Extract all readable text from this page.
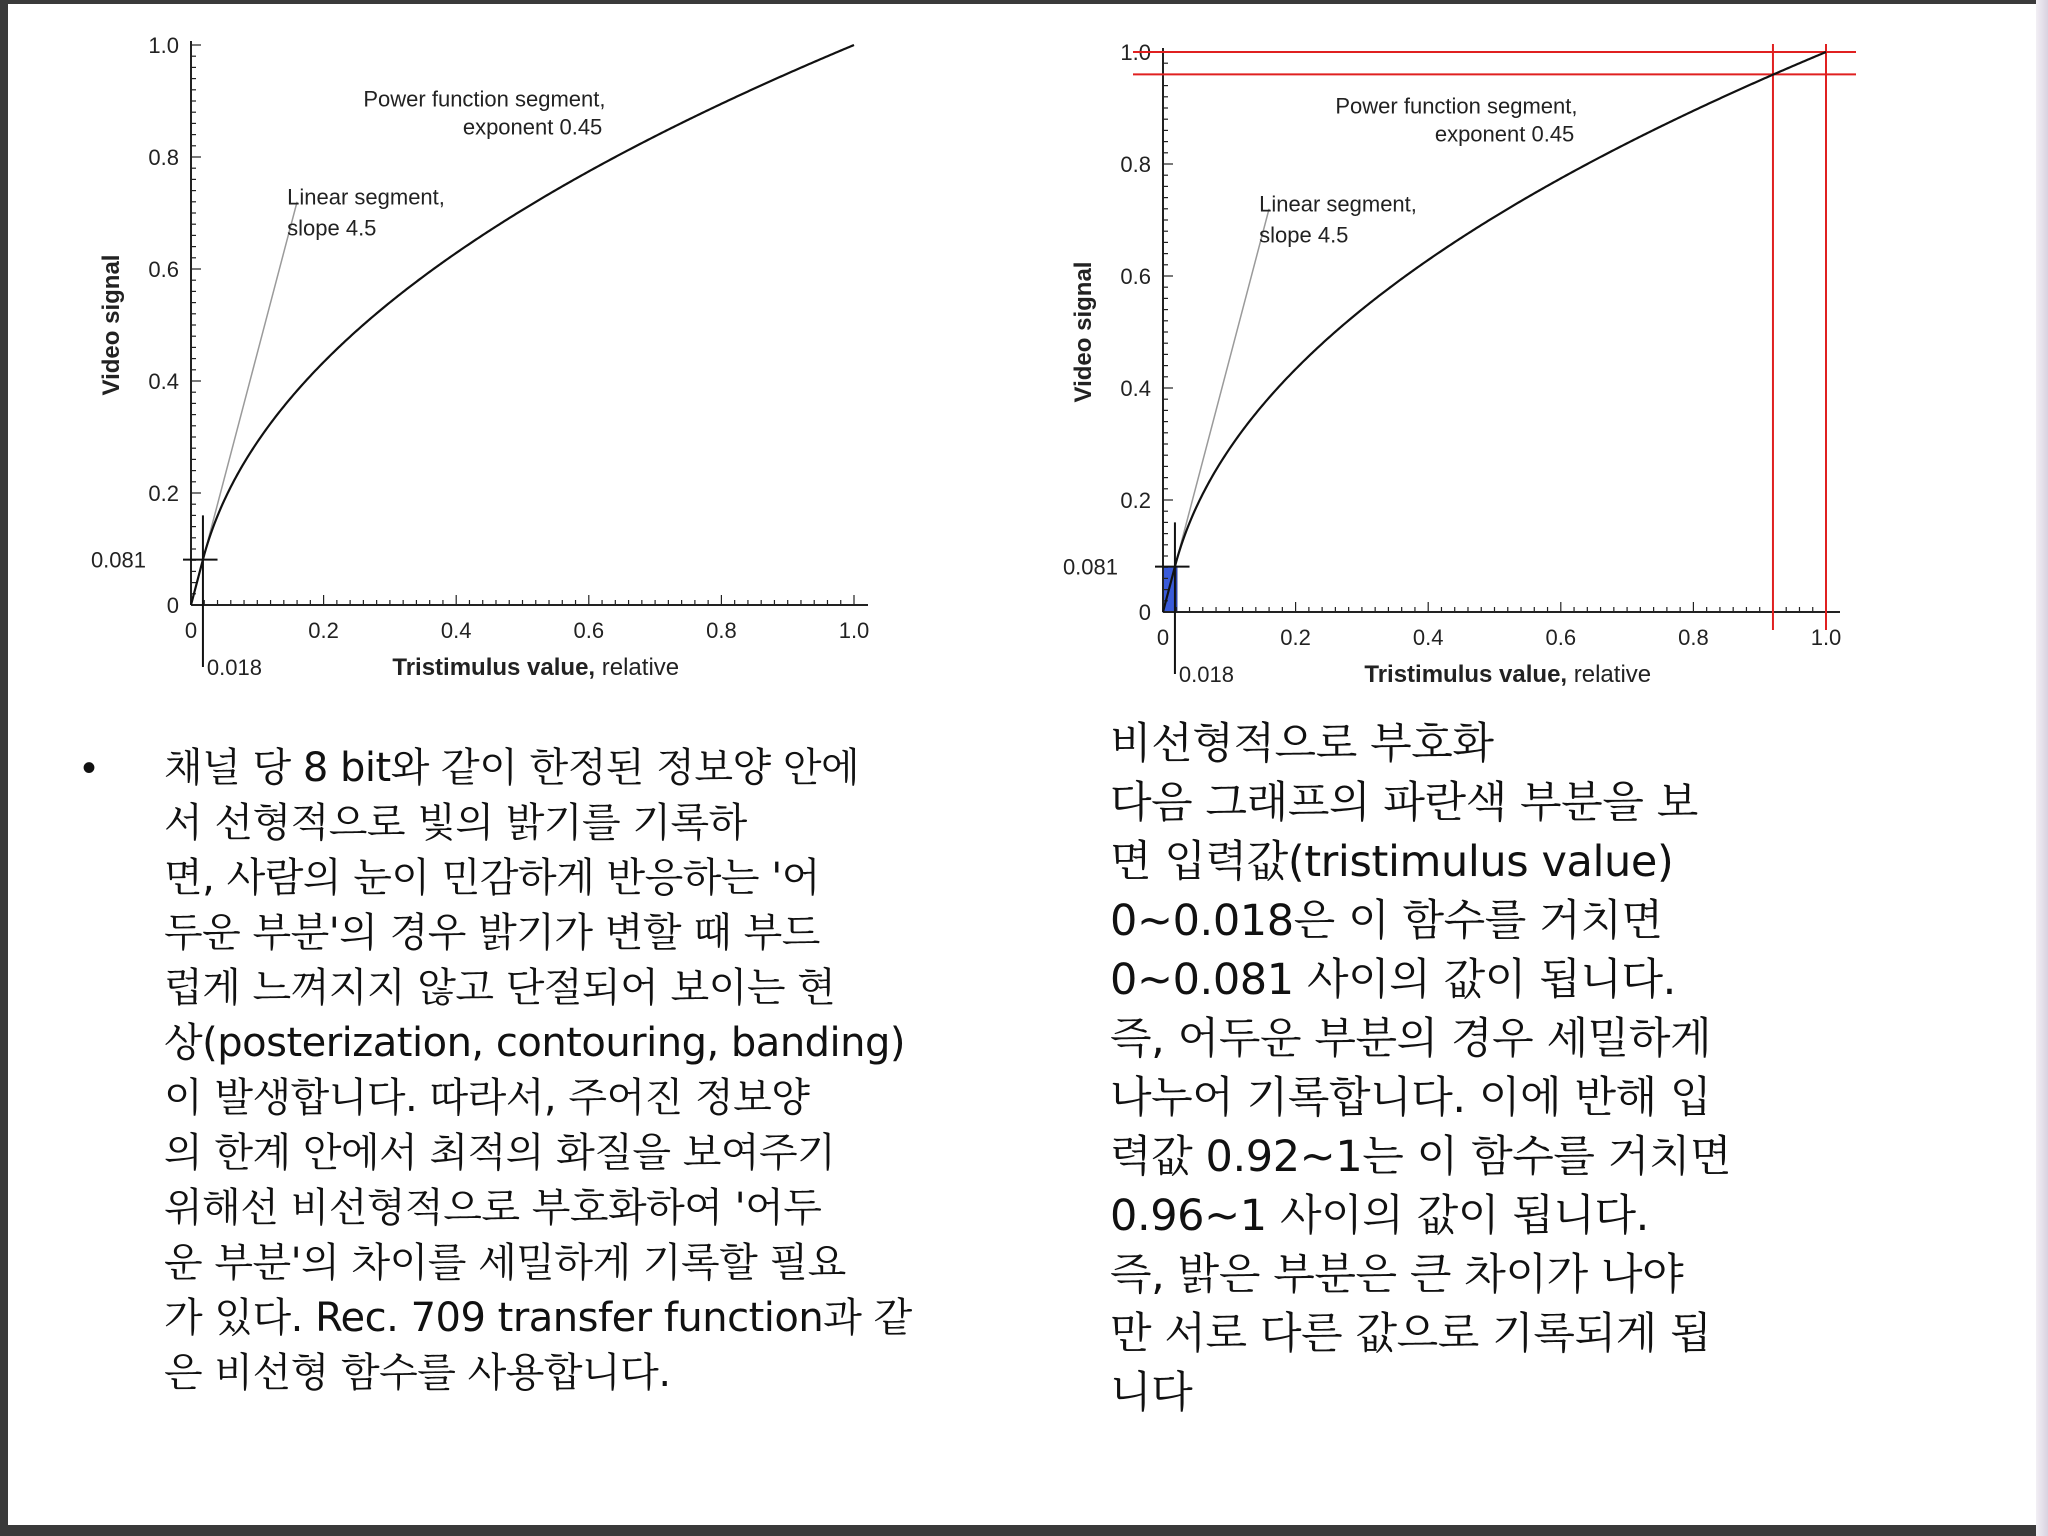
0
0.2
0.4
0.6
0.8
1.0
0	0.2	0.4	0.6	0.8	1.0
0.018
0.081
Power function segment,
exponent 0.45
Linear segment,
slope 4.5
Tristimulus value, relative
Video signal
0
0.2
0.4
0.6
0.8
1.0
0	0.2	0.4	0.6	0.8	1.0
0.018
0.081
Power function segment,
exponent 0.45
Linear segment,
slope 4.5
Tristimulus value, relative
Video signal
• 채널 당 8 bit와 같이 한정된 정보양 안에
서 선형적으로 빛의 밝기를 기록하
면, 사람의 눈이 민감하게 반응하는 '어
두운 부분'의 경우 밝기가 변할 때 부드
럽게 느껴지지 않고 단절되어 보이는 현
상(posterization, contouring, banding)
이 발생합니다. 따라서, 주어진 정보양
의 한계 안에서 최적의 화질을 보여주기
위해선 비선형적으로 부호화하여 '어두
운 부분'의 차이를 세밀하게 기록할 필요
가 있다. Rec. 709 transfer function과 같
은 비선형 함수를 사용합니다.
비선형적으로 부호화
다음 그래프의 파란색 부분을 보
면 입력값(tristimulus value)
0~0.018은 이 함수를 거치면
0~0.081 사이의 값이 됩니다.
즉, 어두운 부분의 경우 세밀하게
나누어 기록합니다. 이에 반해 입
력값 0.92~1는 이 함수를 거치면
0.96~1 사이의 값이 됩니다.
즉, 밝은 부분은 큰 차이가 나야
만 서로 다른 값으로 기록되게 됩
니다
